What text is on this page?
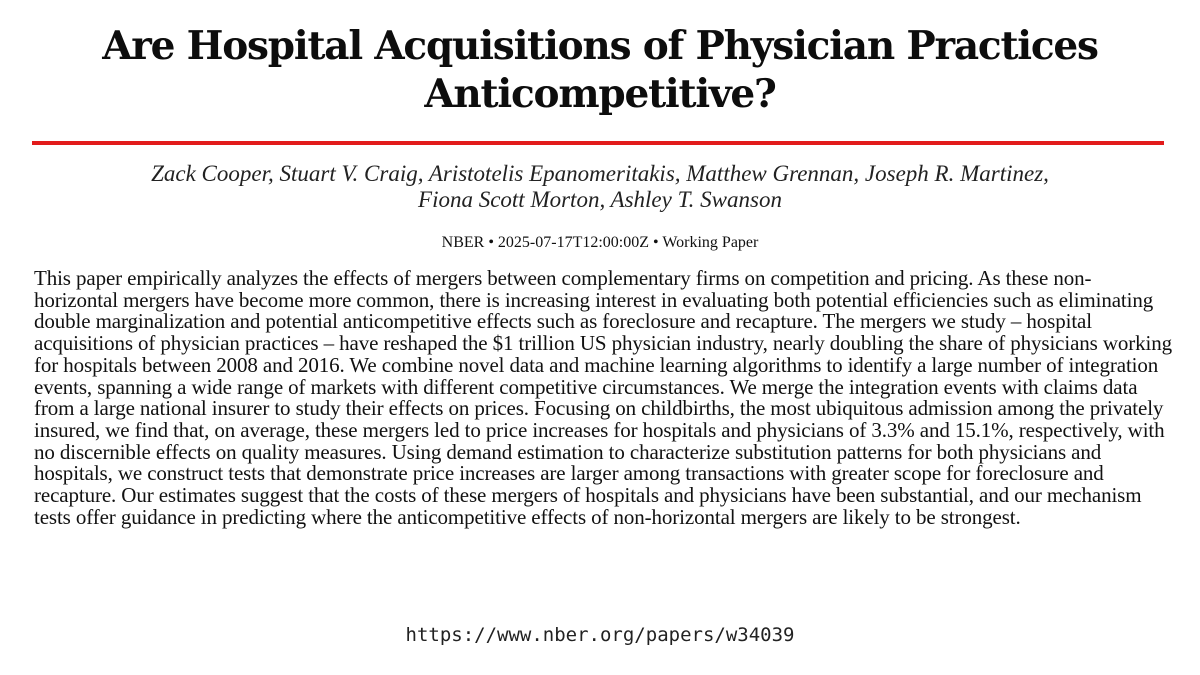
Are Hospital Acquisitions of Physician Practices Anticompetitive?
Zack Cooper, Stuart V. Craig, Aristotelis Epanomeritakis, Matthew Grennan, Joseph R. Martinez,
Fiona Scott Morton, Ashley T. Swanson
NBER • 2025-07-17T12:00:00Z • Working Paper

This paper empirically analyzes the effects of mergers between complementary firms on competition and pricing. As these non-horizontal mergers have become more common, there is increasing interest in evaluating both potential efficiencies such as eliminating double marginalization and potential anticompetitive effects such as foreclosure and recapture. The mergers we study – hospital acquisitions of physician practices – have reshaped the $1 trillion US physician industry, nearly doubling the share of physicians working for hospitals between 2008 and 2016. We combine novel data and machine learning algorithms to identify a large number of integration events, spanning a wide range of markets with different competitive circumstances. We merge the integration events with claims data from a large national insurer to study their effects on prices. Focusing on childbirths, the most ubiquitous admission among the privately insured, we find that, on average, these mergers led to price increases for hospitals and physicians of 3.3% and 15.1%, respectively, with no discernible effects on quality measures. Using demand estimation to characterize substitution patterns for both physicians and hospitals, we construct tests that demonstrate price increases are larger among transactions with greater scope for foreclosure and recapture. Our estimates suggest that the costs of these mergers of hospitals and physicians have been substantial, and our mechanism tests offer guidance in predicting where the anticompetitive effects of non-horizontal mergers are likely to be strongest.

https://www.nber.org/papers/w34039
